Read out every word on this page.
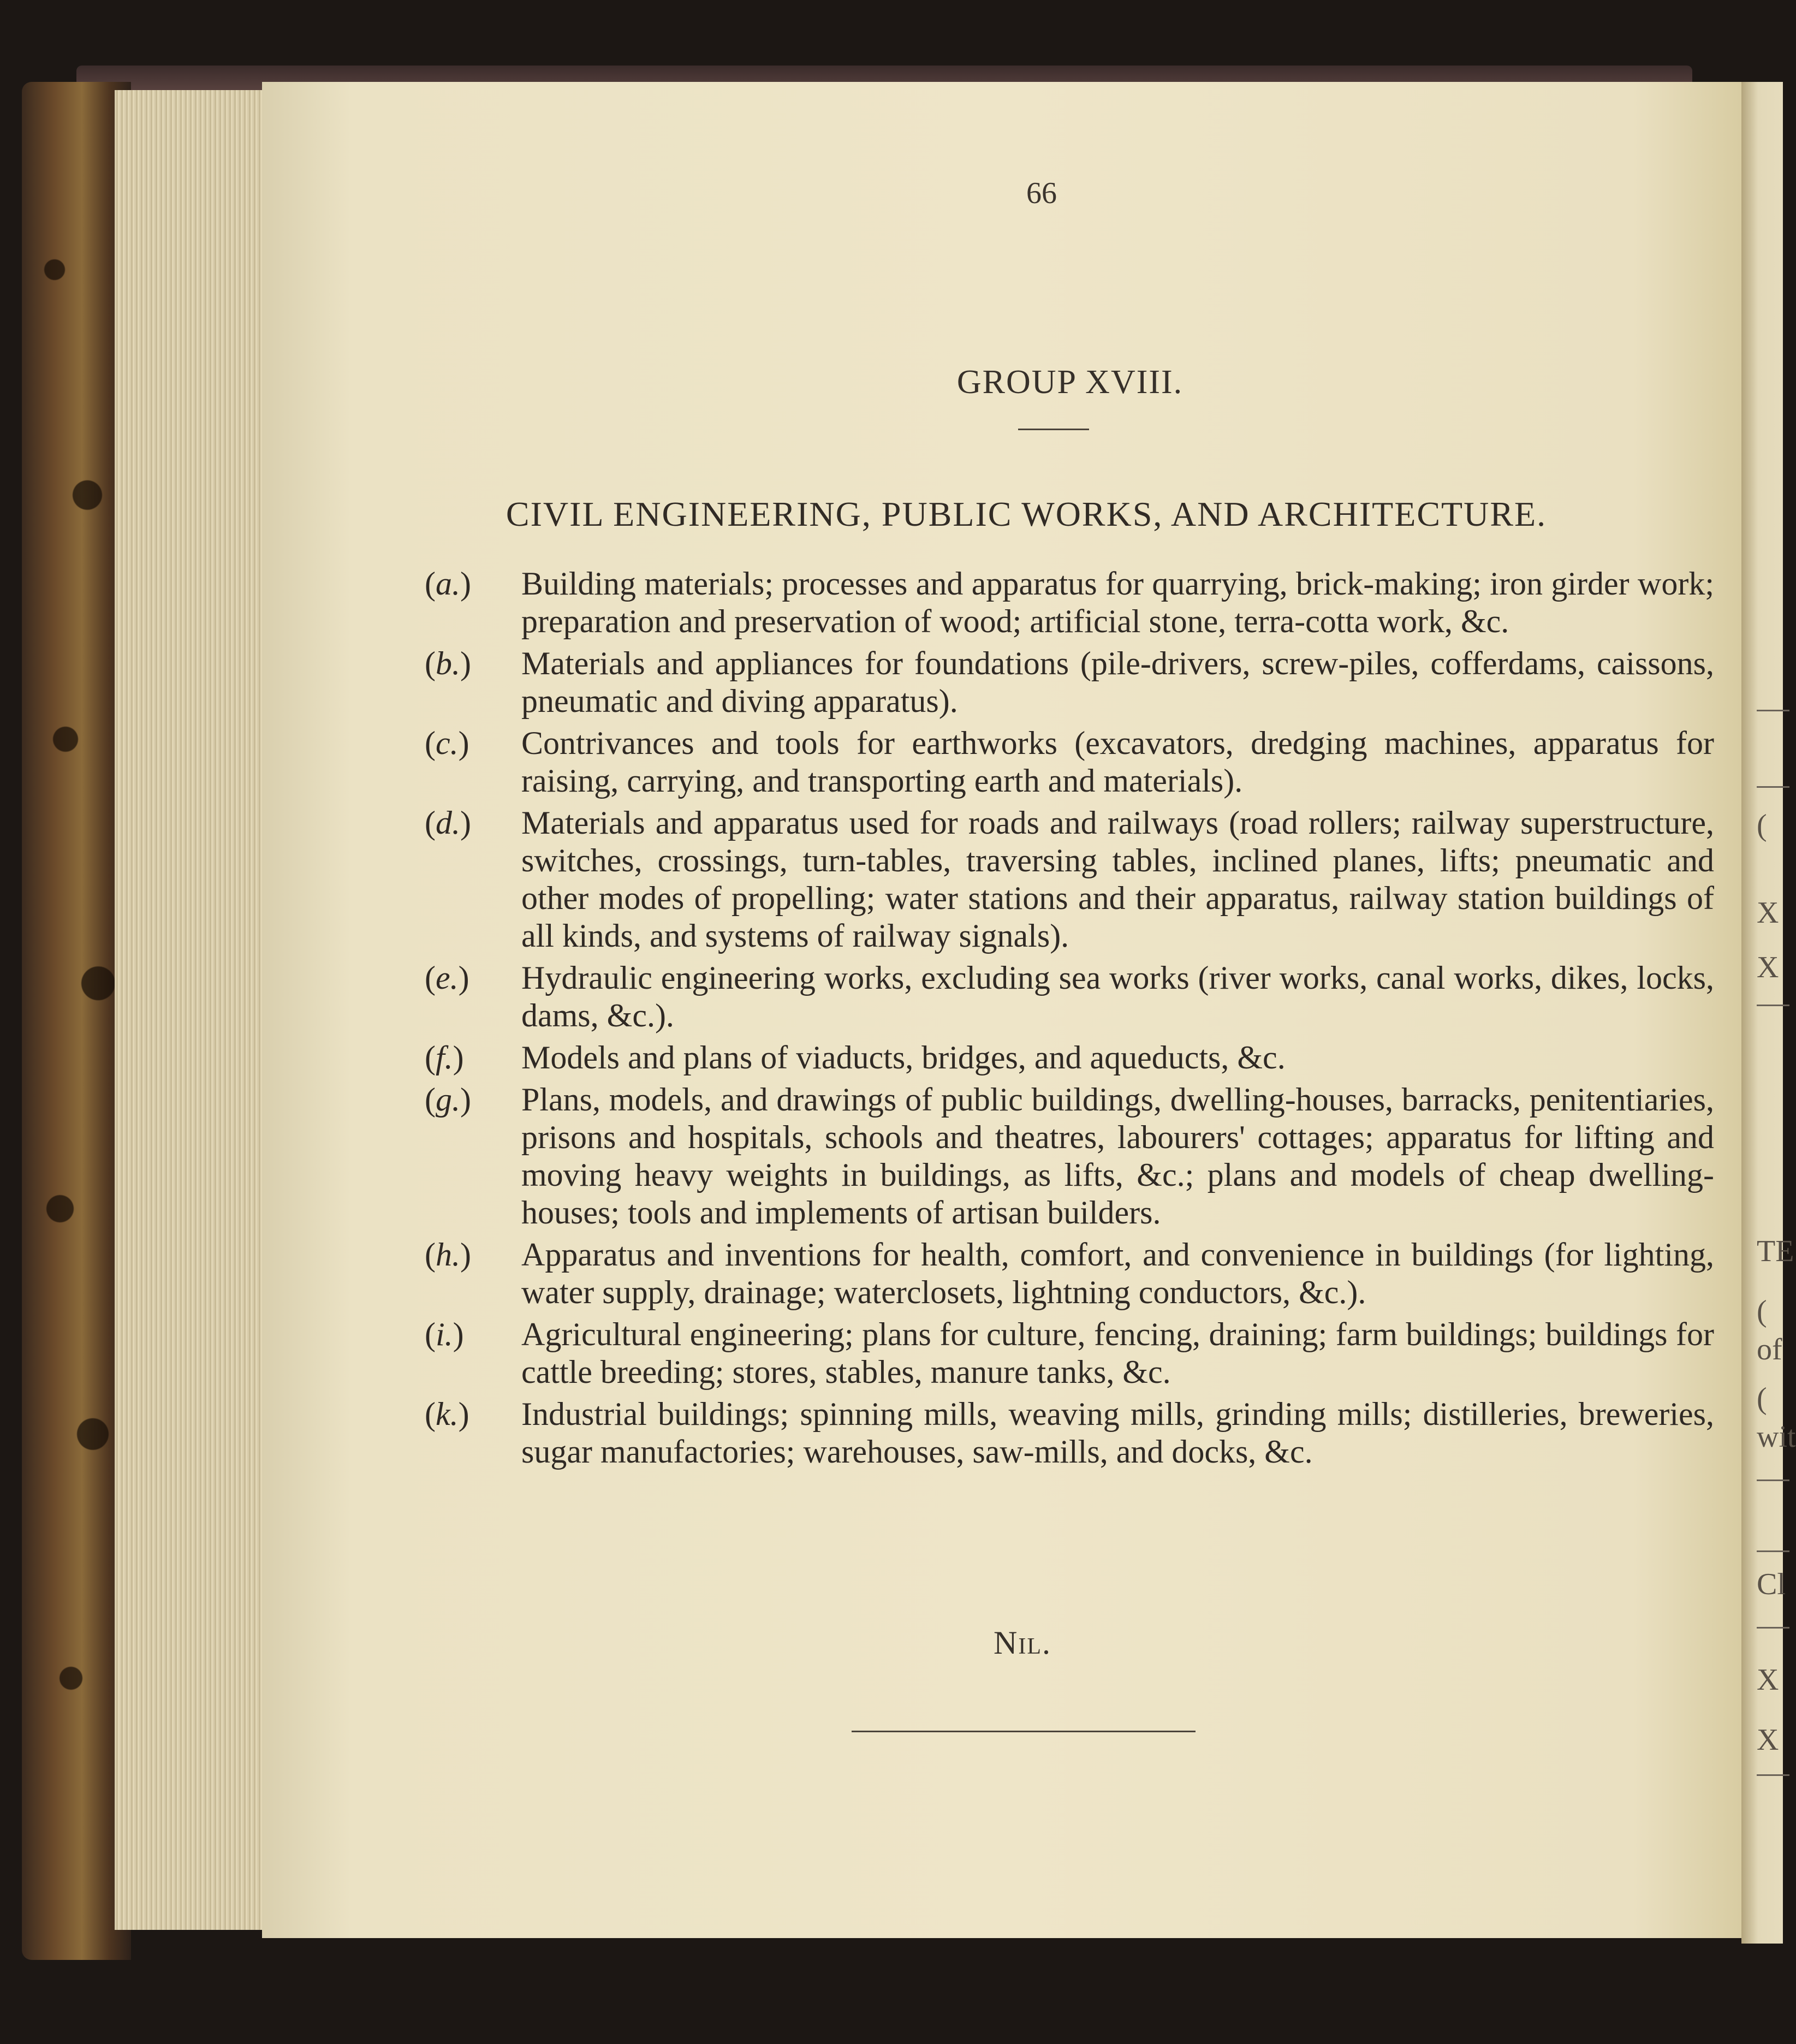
(
X
X
TE
(
of
(
wit
Cl
X
X
66
GROUP XVIII.
CIVIL ENGINEERING, PUBLIC WORKS, AND ARCHITECTURE.
(a.) Building materials; processes and apparatus for quarrying, brick-making; iron girder work; preparation and preservation of wood; artificial stone, terra-cotta work, &c.
(b.) Materials and appliances for foundations (pile-drivers, screw-piles, cofferdams, caissons, pneumatic and diving apparatus).
(c.) Contrivances and tools for earthworks (excavators, dredging machines, apparatus for raising, carrying, and transporting earth and materials).
(d.) Materials and apparatus used for roads and railways (road rollers; railway superstructure, switches, crossings, turn-tables, traversing tables, inclined planes, lifts; pneumatic and other modes of propelling; water stations and their apparatus, railway station buildings of all kinds, and systems of railway signals).
(e.) Hydraulic engineering works, excluding sea works (river works, canal works, dikes, locks, dams, &c.).
(f.) Models and plans of viaducts, bridges, and aqueducts, &c.
(g.) Plans, models, and drawings of public buildings, dwelling-houses, barracks, penitentiaries, prisons and hospitals, schools and theatres, labourers' cottages; apparatus for lifting and moving heavy weights in buildings, as lifts, &c.; plans and models of cheap dwelling-houses; tools and implements of artisan builders.
(h.) Apparatus and inventions for health, comfort, and convenience in buildings (for lighting, water supply, drainage; waterclosets, lightning conductors, &c.).
(i.) Agricultural engineering; plans for culture, fencing, draining; farm buildings; buildings for cattle breeding; stores, stables, manure tanks, &c.
(k.) Industrial buildings; spinning mills, weaving mills, grinding mills; distilleries, breweries, sugar manufactories; warehouses, saw-mills, and docks, &c.
Nil.
